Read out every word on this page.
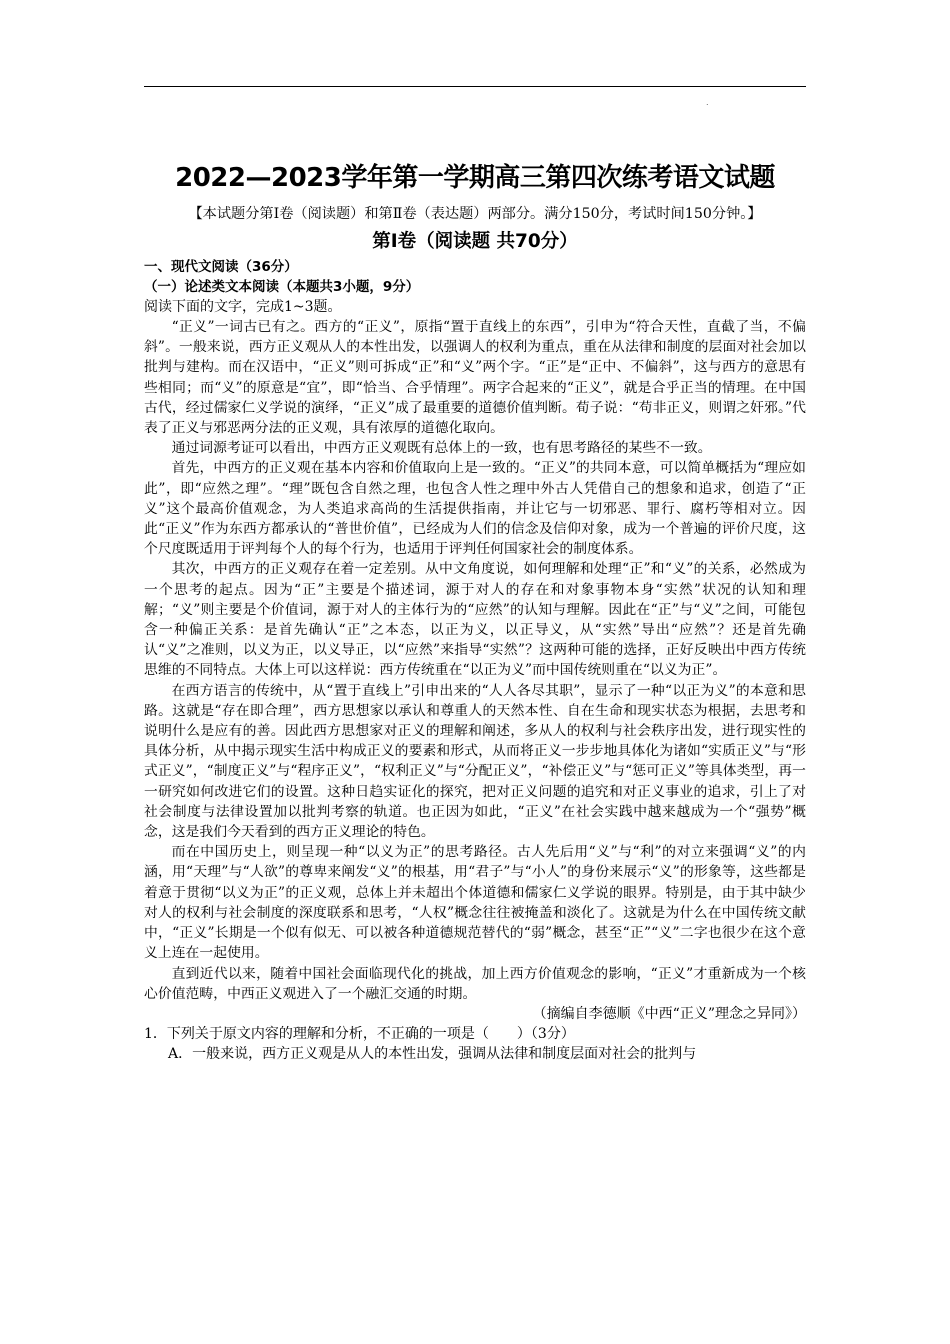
.
2022—2023学年第一学期高三第四次练考语文试题
【本试题分第Ⅰ卷（阅读题）和第Ⅱ卷（表达题）两部分。满分150分，考试时间150分钟。】
第I卷（阅读题 共70分）
一、现代文阅读（36分）
（一）论述类文本阅读（本题共3小题，9分）
阅读下面的文字，完成1~3题。

“正义”一词古已有之。西方的“正义”，原指“置于直线上的东西”，引申为“符合天性，直截了当，不偏斜”。一般来说，西方正义观从人的本性出发，以强调人的权利为重点，重在从法律和制度的层面对社会加以批判与建构。而在汉语中，“正义”则可拆成“正”和“义”两个字。“正”是“正中、不偏斜”，这与西方的意思有些相同；而“义”的原意是“宜”，即“恰当、合乎情理”。两字合起来的“正义”，就是合乎正当的情理。在中国古代，经过儒家仁义学说的演绎，“正义”成了最重要的道德价值判断。荀子说：“苟非正义，则谓之奸邪。”代表了正义与邪恶两分法的正义观，具有浓厚的道德化取向。

通过词源考证可以看出，中西方正义观既有总体上的一致，也有思考路径的某些不一致。

首先，中西方的正义观在基本内容和价值取向上是一致的。“正义”的共同本意，可以简单概括为“理应如此”，即“应然之理”。“理”既包含自然之理，也包含人性之理中外古人凭借自己的想象和追求，创造了“正义”这个最高价值观念，为人类追求高尚的生活提供指南，并让它与一切邪恶、罪行、腐朽等相对立。因此“正义”作为东西方都承认的“普世价值”，已经成为人们的信念及信仰对象，成为一个普遍的评价尺度，这个尺度既适用于评判每个人的每个行为，也适用于评判任何国家社会的制度体系。

其次，中西方的正义观存在着一定差别。从中文角度说，如何理解和处理“正”和“义”的关系，必然成为一个思考的起点。因为“正”主要是个描述词，源于对人的存在和对象事物本身“实然”状况的认知和理解；“义”则主要是个价值词，源于对人的主体行为的“应然”的认知与理解。因此在“正”与“义”之间，可能包含一种偏正关系：是首先确认“正”之本态，以正为义，以正导义，从“实然”导出“应然”？还是首先确认“义”之准则，以义为正，以义导正，以“应然”来指导“实然”？这两种可能的选择，正好反映出中西方传统思维的不同特点。大体上可以这样说：西方传统重在“以正为义”而中国传统则重在“以义为正”。

在西方语言的传统中，从“置于直线上”引申出来的“人人各尽其职”，显示了一种“以正为义”的本意和思路。这就是“存在即合理”，西方思想家以承认和尊重人的天然本性、自在生命和现实状态为根据，去思考和说明什么是应有的善。因此西方思想家对正义的理解和阐述，多从人的权利与社会秩序出发，进行现实性的具体分析，从中揭示现实生活中构成正义的要素和形式，从而将正义一步步地具体化为诸如“实质正义”与“形式正义”，“制度正义”与“程序正义”，“权利正义”与“分配正义”，“补偿正义”与“惩可正义”等具体类型，再一一研究如何改进它们的设置。这种日趋实证化的探究，把对正义问题的追究和对正义事业的追求，引上了对社会制度与法律设置加以批判考察的轨道。也正因为如此，“正义”在社会实践中越来越成为一个“强势”概念，这是我们今天看到的西方正义理论的特色。

而在中国历史上，则呈现一种“以义为正”的思考路径。古人先后用“义”与“利”的对立来强调“义”的内涵，用“天理”与“人欲”的尊卑来阐发“义”的根基，用“君子”与“小人”的身份来展示“义”的形象等，这些都是着意于贯彻“以义为正”的正义观，总体上并未超出个体道德和儒家仁义学说的眼界。特别是，由于其中缺少对人的权利与社会制度的深度联系和思考，“人权”概念往往被掩盖和淡化了。这就是为什么在中国传统文献中，“正义”长期是一个似有似无、可以被各种道德规范替代的“弱”概念，甚至“正”“义”二字也很少在这个意义上连在一起使用。

直到近代以来，随着中国社会面临现代化的挑战，加上西方价值观念的影响，“正义”才重新成为一个核心价值范畴，中西正义观进入了一个融汇交通的时期。

（摘编自李德顺《中西“正义”理念之异同》）
1．下列关于原文内容的理解和分析，不正确的一项是（　　）（3分）
A．一般来说，西方正义观是从人的本性出发，强调从法律和制度层面对社会的批判与
